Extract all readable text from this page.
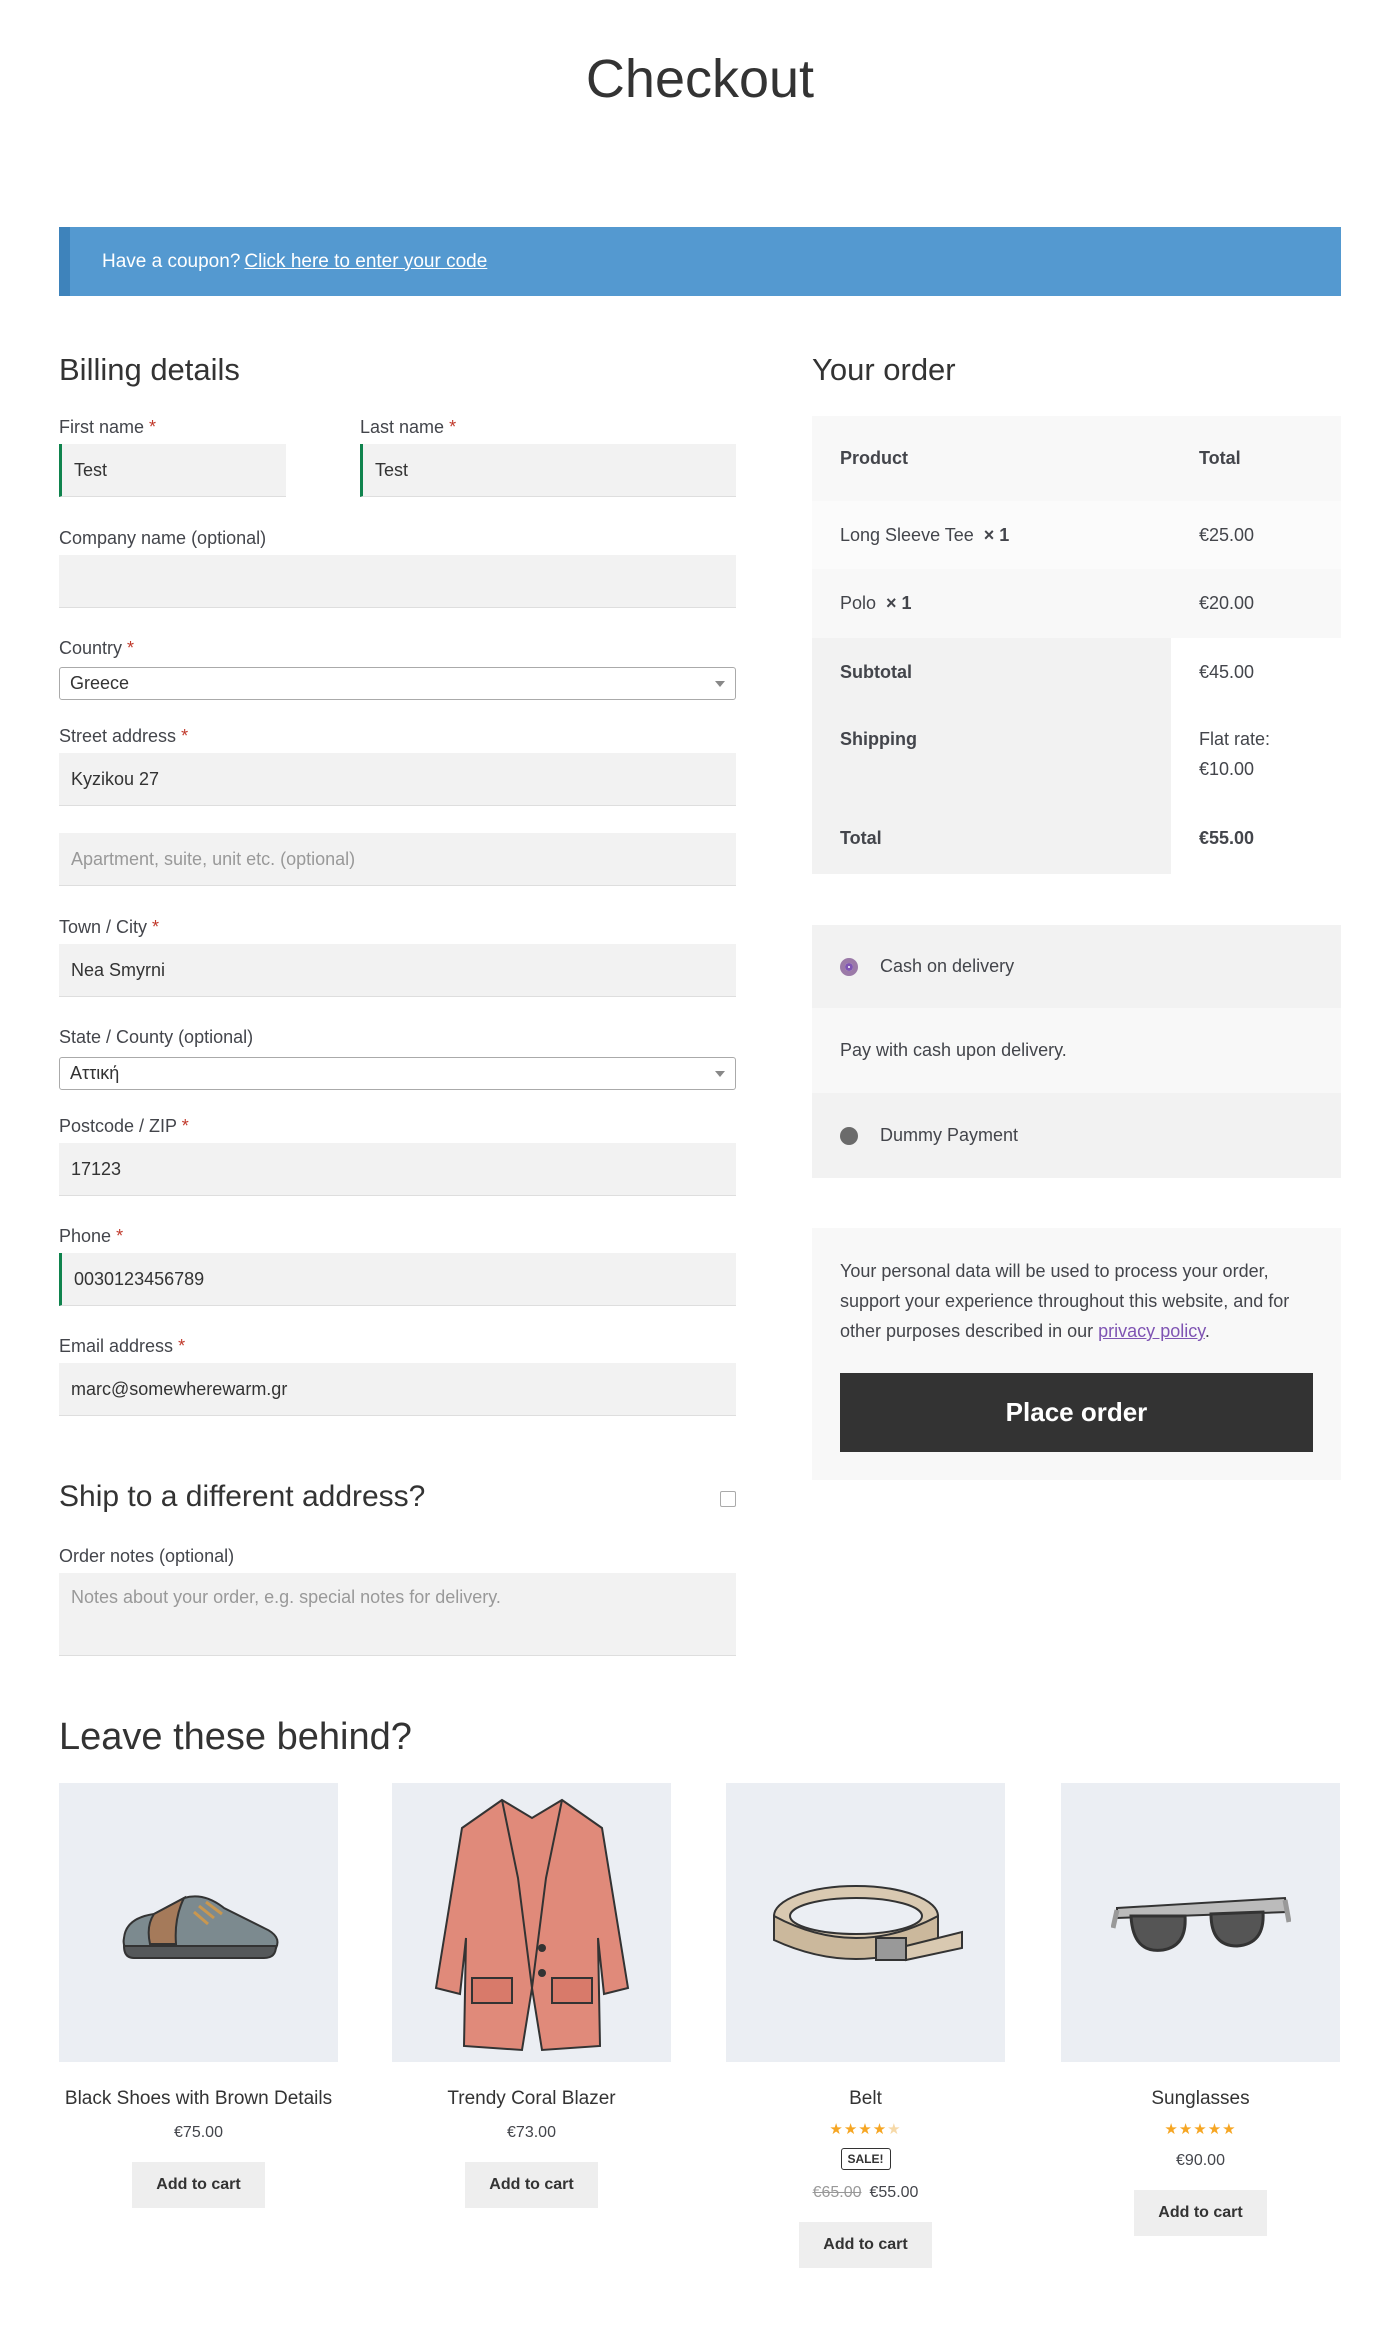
Checkout
Have a coupon? Click here to enter your code
Billing details
First name *
Test
Last name *
Test
Company name (optional)
Country *
Greece
Street address *
Kyzikou 27
Apartment, suite, unit etc. (optional)
Town / City *
Nea Smyrni
State / County (optional)
Αττική
Postcode / ZIP *
17123
Phone *
0030123456789
Email address *
marc@somewherewarm.gr
Ship to a different address?
Order notes (optional)
Notes about your order, e.g. special notes for delivery.
Your order
Product	Total
Long Sleeve Tee × 1	€25.00
Polo × 1	€20.00
Subtotal	€45.00
Shipping	Flat rate:
€10.00
Total	€55.00
Cash on delivery
Pay with cash upon delivery.
Dummy Payment

Your personal data will be used to process your order, support your experience throughout this website, and for other purposes described in our privacy policy.

Place order
Leave these behind?
Black Shoes with Brown Details
€75.00
Add to cart
Trendy Coral Blazer
€73.00
Add to cart
Belt
★★★★★
SALE!
€65.00 €55.00
Add to cart
Sunglasses
★★★★★
€90.00
Add to cart
